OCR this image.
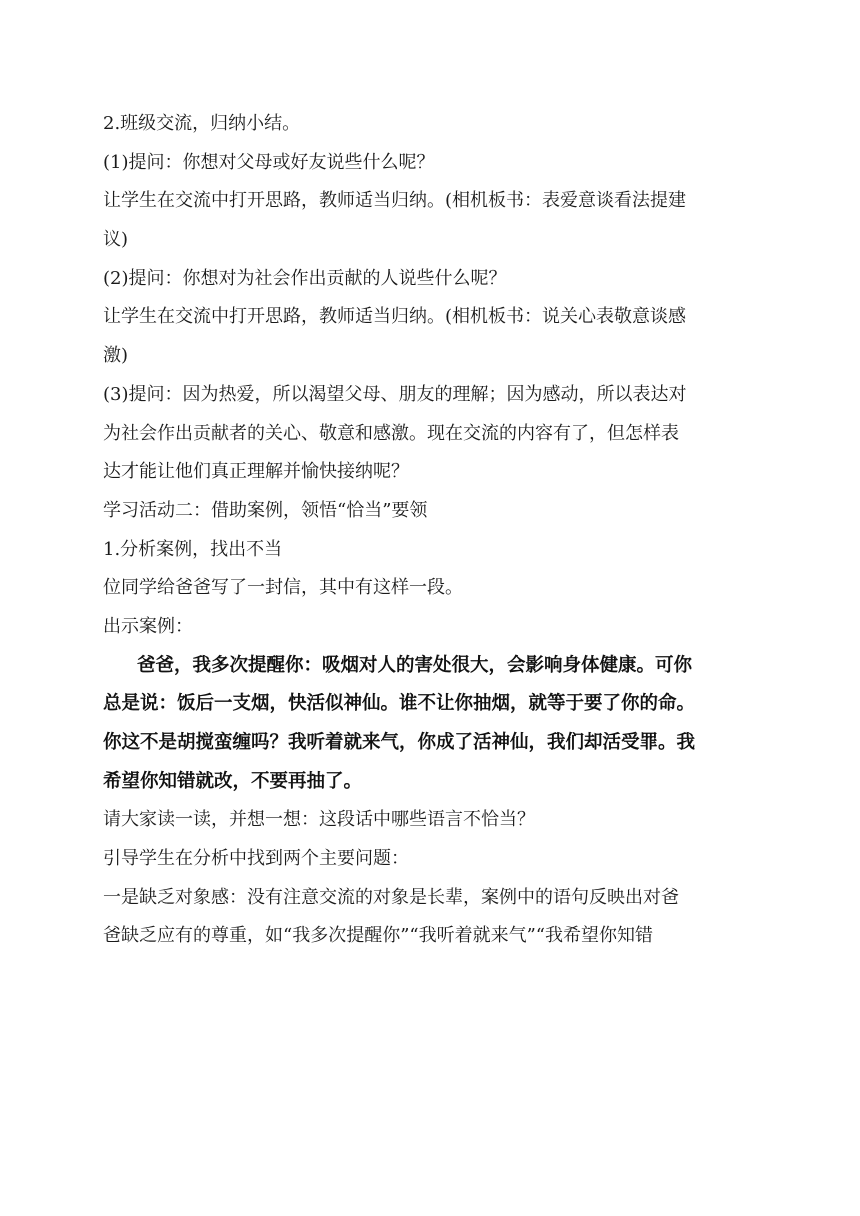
2.班级交流，归纳小结。
(1)提问：你想对父母或好友说些什么呢？
让学生在交流中打开思路，教师适当归纳。(相机板书：表爱意谈看法提建
议)
(2)提问：你想对为社会作出贡献的人说些什么呢？
让学生在交流中打开思路，教师适当归纳。(相机板书：说关心表敬意谈感
激)
(3)提问：因为热爱，所以渴望父母、朋友的理解；因为感动，所以表达对
为社会作出贡献者的关心、敬意和感激。现在交流的内容有了，但怎样表
达才能让他们真正理解并愉快接纳呢？
学习活动二：借助案例，领悟“恰当”要领
1.分析案例，找出不当
位同学给爸爸写了一封信，其中有这样一段。
出示案例：
爸爸，我多次提醒你：吸烟对人的害处很大，会影响身体健康。可你
总是说：饭后一支烟，快活似神仙。谁不让你抽烟，就等于要了你的命。
你这不是胡搅蛮缠吗？我听着就来气，你成了活神仙，我们却活受罪。我
希望你知错就改，不要再抽了。
请大家读一读，并想一想：这段话中哪些语言不恰当？
引导学生在分析中找到两个主要问题：
一是缺乏对象感：没有注意交流的对象是长辈，案例中的语句反映出对爸
爸缺乏应有的尊重，如“我多次提醒你”“我听着就来气”“我希望你知错
